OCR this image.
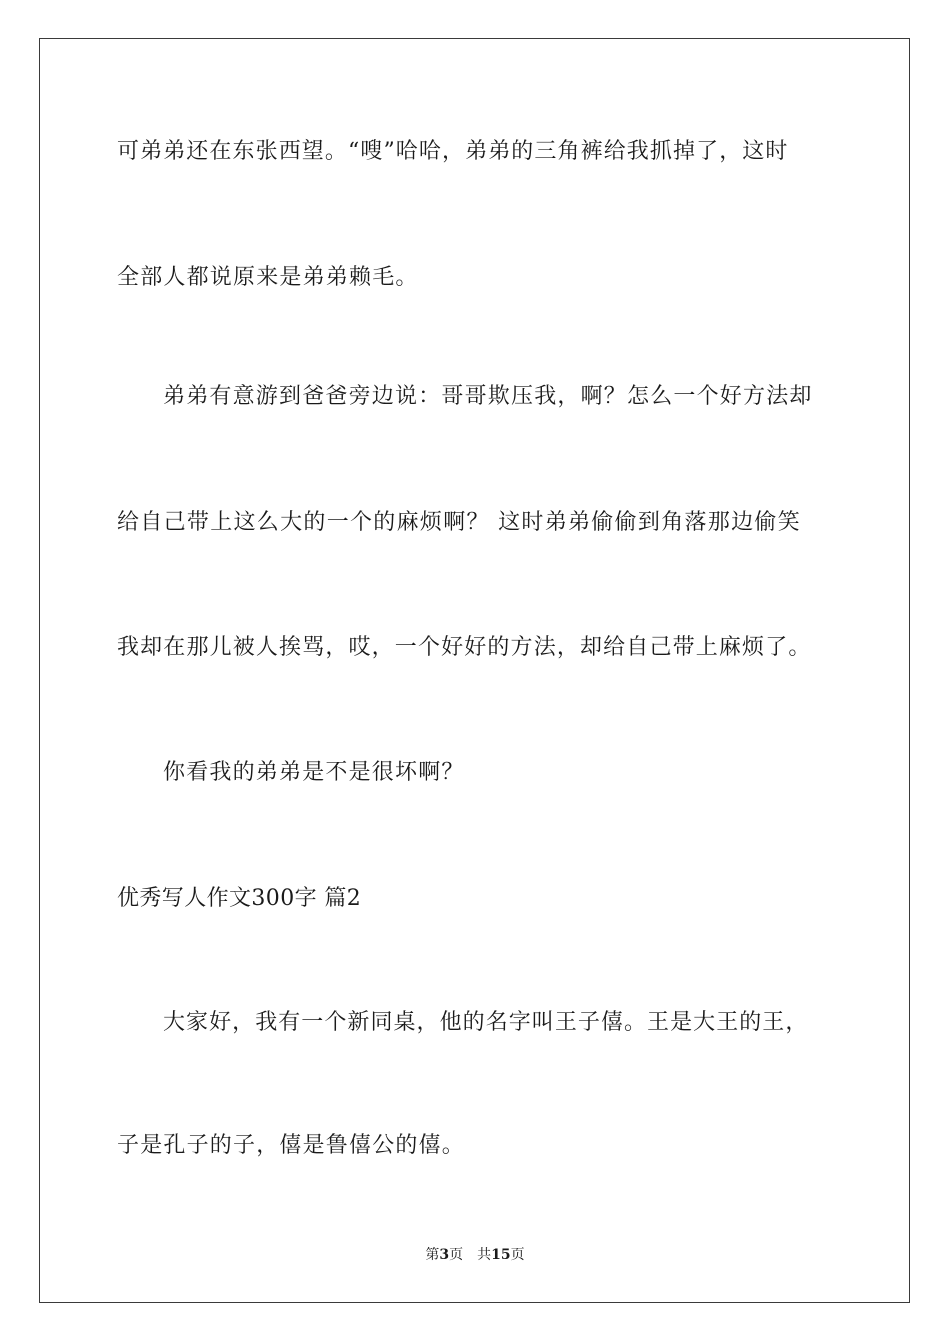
可弟弟还在东张西望。“嗖”哈哈，弟弟的三角裤给我抓掉了，这时
全部人都说原来是弟弟赖毛。
弟弟有意游到爸爸旁边说：哥哥欺压我，啊？怎么一个好方法却
给自己带上这么大的一个的麻烦啊？ 这时弟弟偷偷到角落那边偷笑
我却在那儿被人挨骂，哎，一个好好的方法，却给自己带上麻烦了。
你看我的弟弟是不是很坏啊？
优秀写人作文300字 篇2
大家好，我有一个新同桌，他的名字叫王子僖。王是大王的王，
子是孔子的子，僖是鲁僖公的僖。
第3页 共15页
